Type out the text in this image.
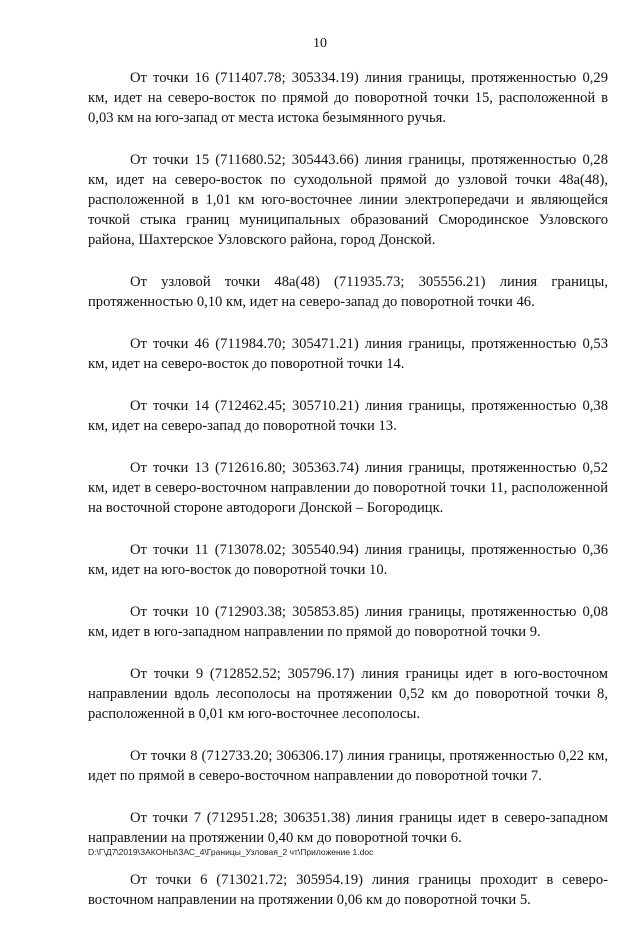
10

От точки 16 (711407.78; 305334.19) линия границы, протяженностью 0,29 км, идет на северо-восток по прямой до поворотной точки 15, расположенной в 0,03 км на юго-запад от места истока безымянного ручья.

От точки 15 (711680.52; 305443.66) линия границы, протяженностью 0,28 км, идет на северо-восток по суходольной прямой до узловой точки 48а(48), расположенной в 1,01 км юго-восточнее линии электропередачи и являющейся точкой стыка границ муниципальных образований Смородинское Узловского района, Шахтерское Узловского района, город Донской.

От узловой точки 48а(48) (711935.73; 305556.21) линия границы, протяженностью 0,10 км, идет на северо-запад до поворотной точки 46.

От точки 46 (711984.70; 305471.21) линия границы, протяженностью 0,53 км, идет на северо-восток до поворотной точки 14.

От точки 14 (712462.45; 305710.21) линия границы, протяженностью 0,38 км, идет на северо-запад до поворотной точки 13.

От точки 13 (712616.80; 305363.74) линия границы, протяженностью 0,52 км, идет в северо-восточном направлении до поворотной точки 11, расположенной на восточной стороне автодороги Донской – Богородицк.

От точки 11 (713078.02; 305540.94) линия границы, протяженностью 0,36 км, идет на юго-восток до поворотной точки 10.

От точки 10 (712903.38; 305853.85) линия границы, протяженностью 0,08 км, идет в юго-западном направлении по прямой до поворотной точки 9.

От точки 9 (712852.52; 305796.17) линия границы идет в юго-восточном направлении вдоль лесополосы на протяжении 0,52 км до поворотной точки 8, расположенной в 0,01 км юго-восточнее лесополосы.

От точки 8 (712733.20; 306306.17) линия границы, протяженностью 0,22 км, идет по прямой в северо-восточном направлении до поворотной точки 7.

От точки 7 (712951.28; 306351.38) линия границы идет в северо-западном направлении на протяжении 0,40 км до поворотной точки 6.

От точки 6 (713021.72; 305954.19) линия границы проходит в северо-восточном направлении на протяжении 0,06 км до поворотной точки 5.

D:\Г\Д7\2019\ЗАКОНЫ\ЗАС_4\Границы_Узловая_2 чт\Приложение 1.doc
